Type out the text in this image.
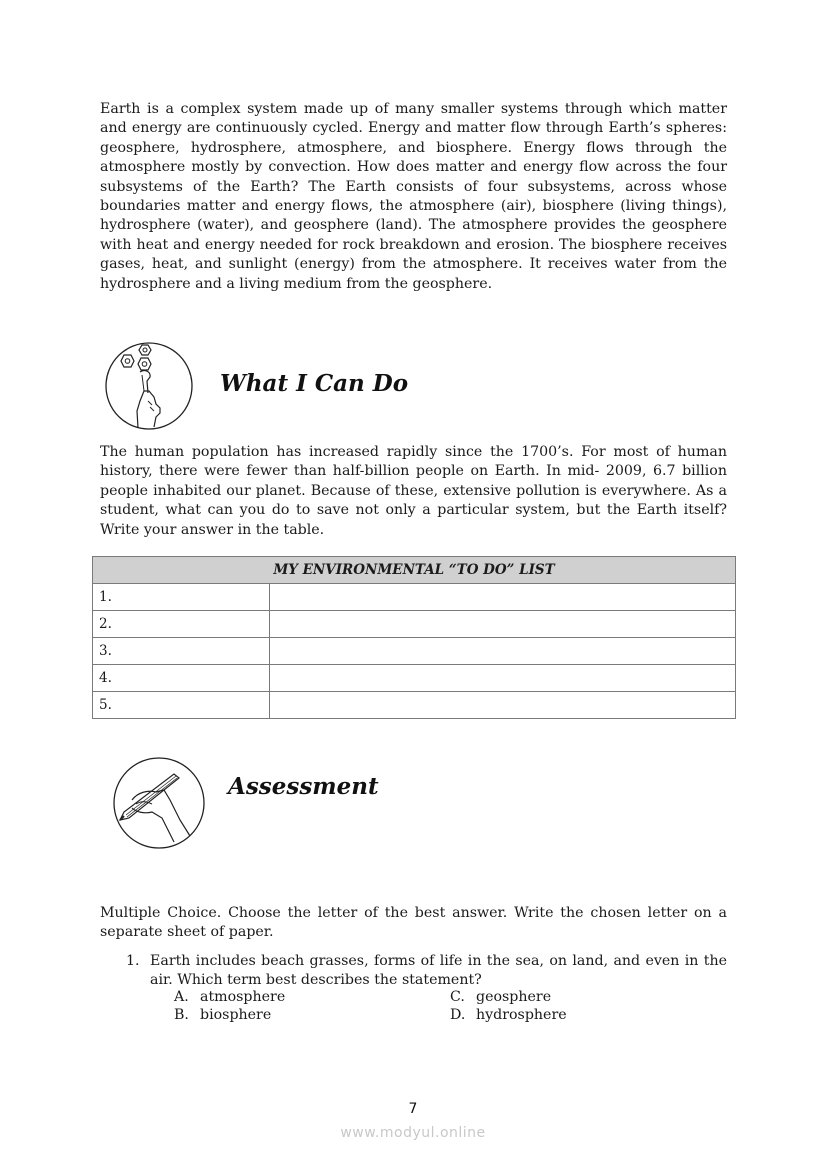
Earth is a complex system made up of many smaller systems through which matter and energy are continuously cycled. Energy and matter flow through Earth’s spheres: geosphere, hydrosphere, atmosphere, and biosphere. Energy flows through the atmosphere mostly by convection. How does matter and energy flow across the four subsystems of the Earth? The Earth consists of four subsystems, across whose boundaries matter and energy flows, the atmosphere (air), biosphere (living things), hydrosphere (water), and geosphere (land). The atmosphere provides the geosphere with heat and energy needed for rock breakdown and erosion. The biosphere receives gases, heat, and sunlight (energy) from the atmosphere. It receives water from the hydrosphere and a living medium from the geosphere.

What I Can Do

The human population has increased rapidly since the 1700’s. For most of human history, there were fewer than half-billion people on Earth. In mid- 2009, 6.7 billion people inhabited our planet. Because of these, extensive pollution is everywhere. As a student, what can you do to save not only a particular system, but the Earth itself? Write your answer in the table.

MY ENVIRONMENTAL “TO DO” LIST	
1.	
2.	
3.	
4.	
5.	
Assessment

Multiple Choice. Choose the letter of the best answer. Write the chosen letter on a separate sheet of paper.

1. Earth includes beach grasses, forms of life in the sea, on land, and even in the air. Which term best describes the statement?
A. atmosphere
B. biosphere
C. geosphere
D. hydrosphere
7
www.modyul.online
